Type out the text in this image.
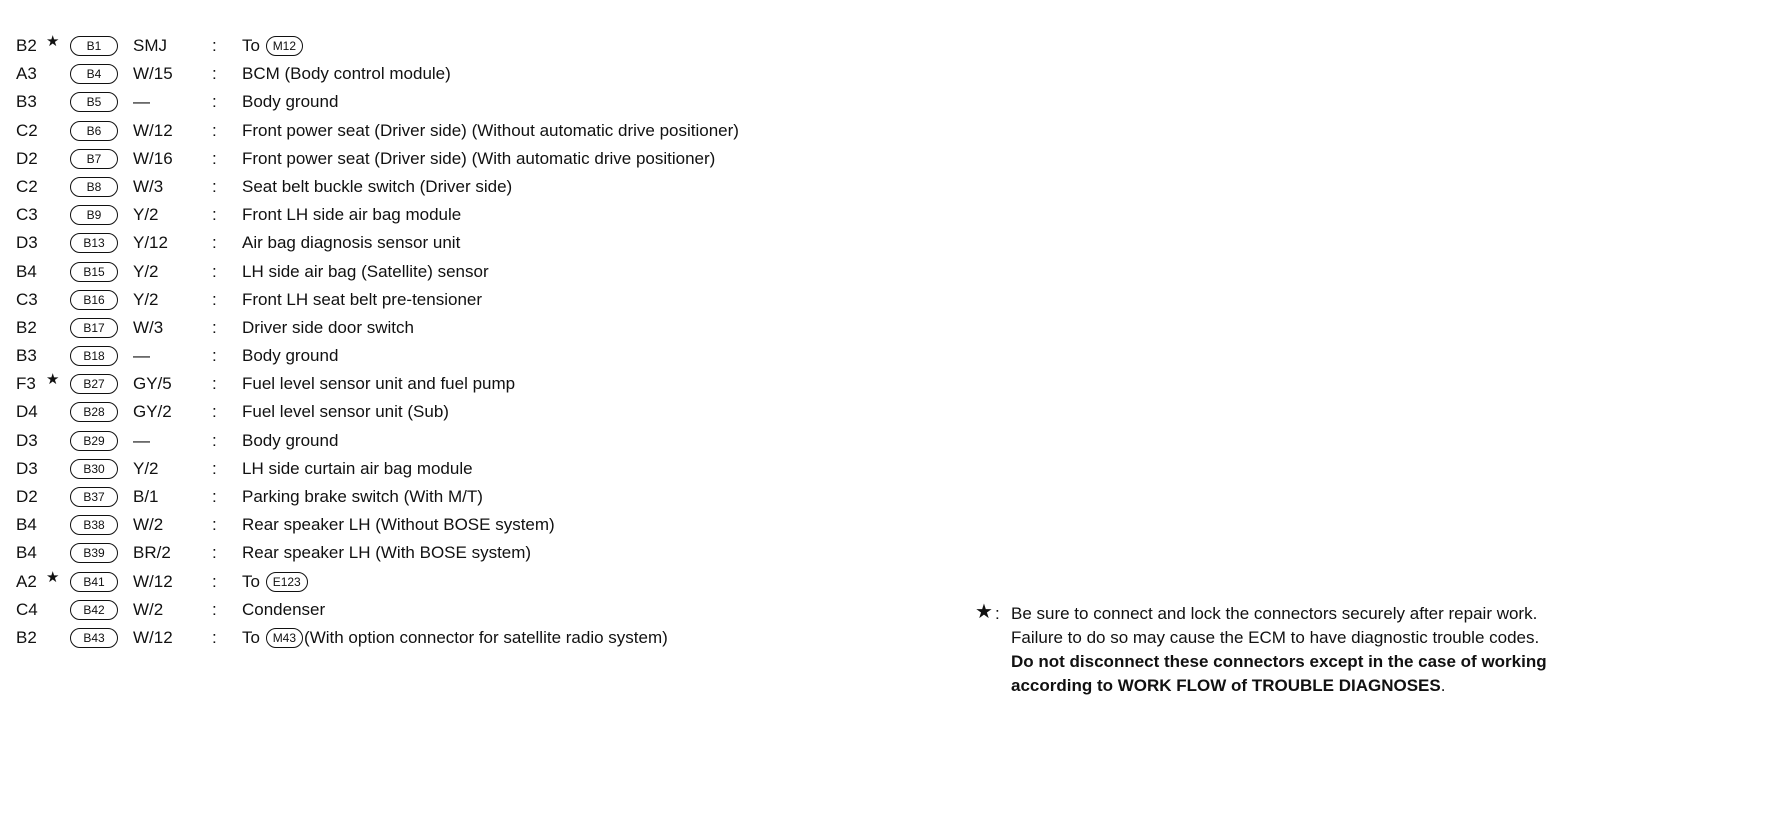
B2 ★	B1	SMJ	: To M12
A3	B4	W/15 : BCM (Body control module)
B3	B5	—	: Body ground
C2	B6	W/12 : Front power seat (Driver side) (Without automatic drive positioner)
D2	B7	W/16 : Front power seat (Driver side) (With automatic drive positioner)
C2	B8	W/3	: Seat belt buckle switch (Driver side)
C3	B9	Y/2	: Front LH side air bag module
D3	B13	Y/12	: Air bag diagnosis sensor unit
B4	B15	Y/2	: LH side air bag (Satellite) sensor
C3	B16	Y/2	: Front LH seat belt pre-tensioner
B2	B17	W/3	: Driver side door switch
B3	B18	—	: Body ground
F3 ★	B27	GY/5 : Fuel level sensor unit and fuel pump
D4	B28	GY/2 : Fuel level sensor unit (Sub)
D3	B29	—	: Body ground
D3	B30	Y/2	: LH side curtain air bag module
D2	B37	B/1	: Parking brake switch (With M/T)
B4	B38	W/2	: Rear speaker LH (Without BOSE system)
B4	B39	BR/2 : Rear speaker LH (With BOSE system)
A2 ★	B41	W/12 : To E123
C4	B42	W/2	: Condenser
B2	B43	W/12 : To M43 (With option connector for satellite radio system)
★ : Be sure to connect and lock the connectors securely after repair work.
Failure to do so may cause the ECM to have diagnostic trouble codes.
Do not disconnect these connectors except in the case of working
according to WORK FLOW of TROUBLE DIAGNOSES.
